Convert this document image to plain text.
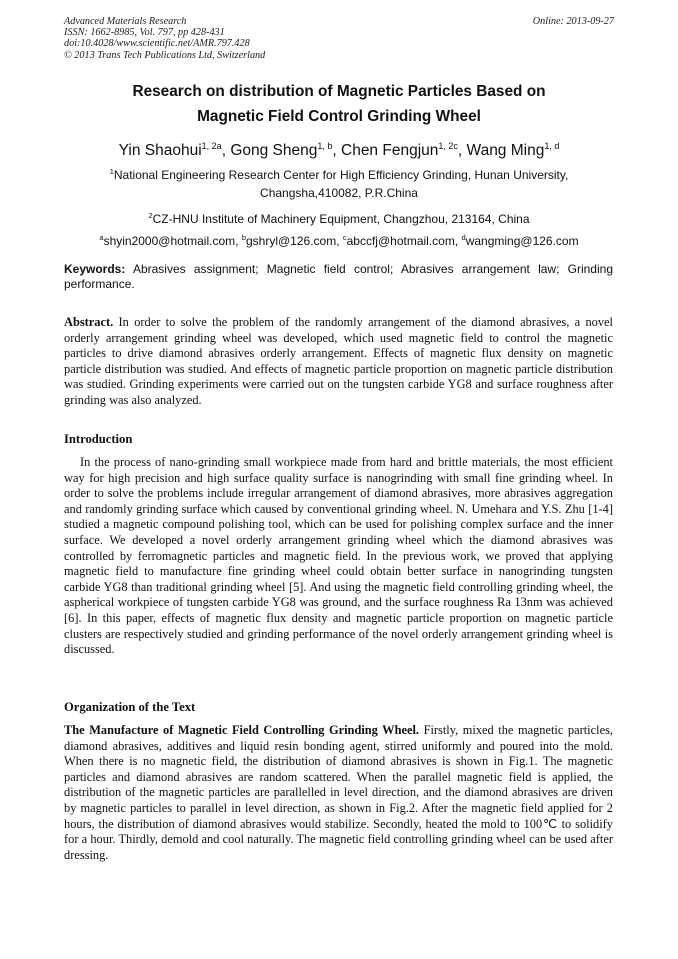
Advanced Materials Research
ISSN: 1662-8985, Vol. 797, pp 428-431
doi:10.4028/www.scientific.net/AMR.797.428
© 2013 Trans Tech Publications Ltd, Switzerland
Online: 2013-09-27
Research on distribution of Magnetic Particles Based on
Magnetic Field Control Grinding Wheel
Yin Shaohui$^{1, 2a}$, Gong Sheng$^{1, b}$, Chen Fengjun$^{1, 2c}$, Wang Ming$^{1, d}$
$^1$National Engineering Research Center for High Efficiency Grinding, Hunan University,
Changsha,410082, P.R.China
$^2$CZ-HNU Institute of Machinery Equipment, Changzhou, 213164, China
$^a$shyin2000@hotmail.com, $^b$gshryl@126.com, $^c$abccfj@hotmail.com, $^d$wangming@126.com
Keywords: Abrasives assignment; Magnetic field control; Abrasives arrangement law; Grinding performance.
Abstract. In order to solve the problem of the randomly arrangement of the diamond abrasives, a novel orderly arrangement grinding wheel was developed, which used magnetic field to control the magnetic particles to drive diamond abrasives orderly arrangement. Effects of magnetic flux density on magnetic particle distribution was studied. And effects of magnetic particle proportion on magnetic particle distribution was studied. Grinding experiments were carried out on the tungsten carbide YG8 and surface roughness after grinding was also analyzed.
Introduction
In the process of nano-grinding small workpiece made from hard and brittle materials, the most efficient way for high precision and high surface quality surface is nanogrinding with small fine grinding wheel. In order to solve the problems include irregular arrangement of diamond abrasives, more abrasives aggregation and randomly grinding surface which caused by conventional grinding wheel. N. Umehara and Y.S. Zhu [1-4] studied a magnetic compound polishing tool, which can be used for polishing complex surface and the inner surface. We developed a novel orderly arrangement grinding wheel which the diamond abrasives was controlled by ferromagnetic particles and magnetic field. In the previous work, we proved that applying magnetic field to manufacture fine grinding wheel could obtain better surface in nanogrinding tungsten carbide YG8 than traditional grinding wheel [5]. And using the magnetic field controlling grinding wheel, the aspherical workpiece of tungsten carbide YG8 was ground, and the surface roughness Ra 13nm was achieved [6]. In this paper, effects of magnetic flux density and magnetic particle proportion on magnetic particle clusters are respectively studied and grinding performance of the novel orderly arrangement grinding wheel is discussed.
Organization of the Text
The Manufacture of Magnetic Field Controlling Grinding Wheel. Firstly, mixed the magnetic particles, diamond abrasives, additives and liquid resin bonding agent, stirred uniformly and poured into the mold. When there is no magnetic field, the distribution of diamond abrasives is shown in Fig.1. The magnetic particles and diamond abrasives are random scattered. When the parallel magnetic field is applied, the distribution of the magnetic particles are parallelled in level direction, and the diamond abrasives are driven by magnetic particles to parallel in level direction, as shown in Fig.2. After the magnetic field applied for 2 hours, the distribution of diamond abrasives would stabilize. Secondly, heated the mold to 100℃ to solidify for a hour. Thirdly, demold and cool naturally. The magnetic field controlling grinding wheel can be used after dressing.
